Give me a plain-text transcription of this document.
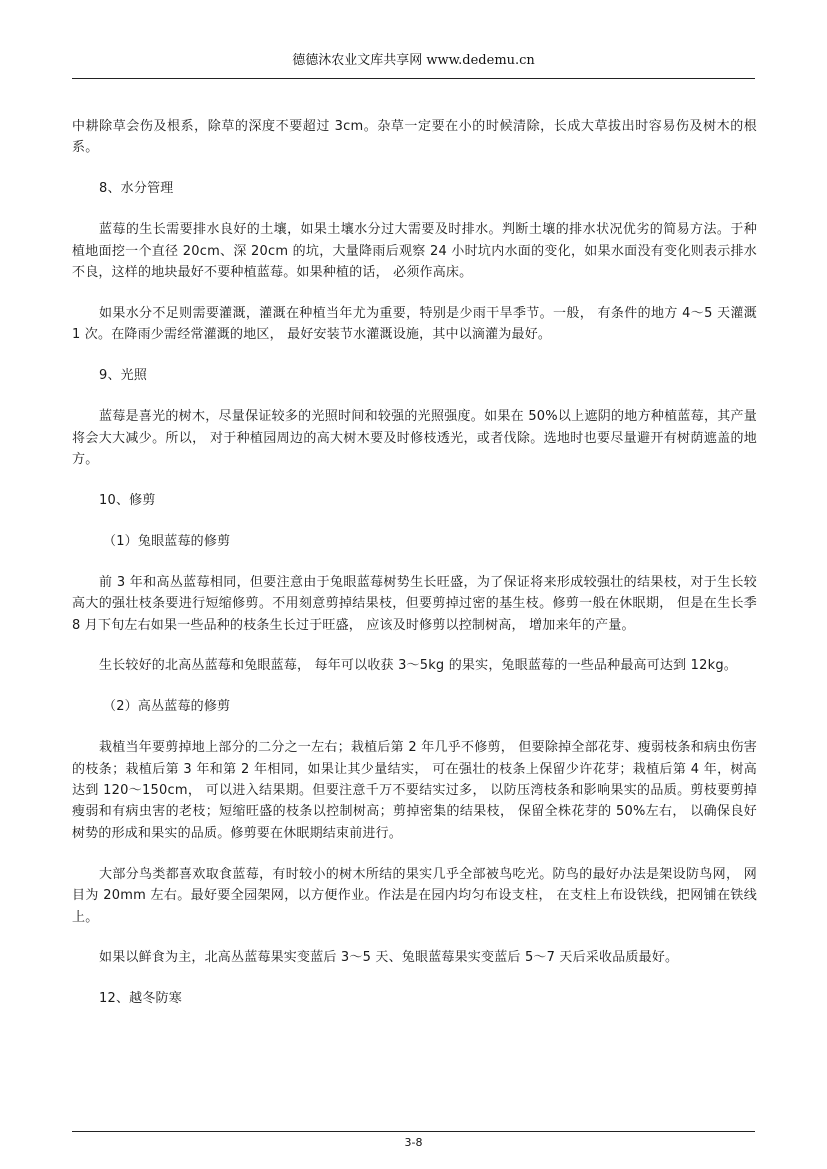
德德沐农业文库共享网 www.dedemu.cn

中耕除草会伤及根系，除草的深度不要超过 3cm。杂草一定要在小的时候清除，长成大草拔出时容易伤及树木的根系。

8、水分管理

蓝莓的生长需要排水良好的土壤，如果土壤水分过大需要及时排水。判断土壤的排水状况优劣的简易方法。于种植地面挖一个直径 20cm、深 20cm 的坑，大量降雨后观察 24 小时坑内水面的变化，如果水面没有变化则表示排水不良，这样的地块最好不要种植蓝莓。如果种植的话， 必须作高床。

如果水分不足则需要灌溉，灌溉在种植当年尤为重要，特别是少雨干旱季节。一般， 有条件的地方 4～5 天灌溉 1 次。在降雨少需经常灌溉的地区， 最好安装节水灌溉设施，其中以滴灌为最好。

9、光照

蓝莓是喜光的树木，尽量保证较多的光照时间和较强的光照强度。如果在 50%以上遮阴的地方种植蓝莓，其产量将会大大减少。所以， 对于种植园周边的高大树木要及时修枝透光，或者伐除。选地时也要尽量避开有树荫遮盖的地方。

10、修剪

（1）兔眼蓝莓的修剪

前 3 年和高丛蓝莓相同，但要注意由于兔眼蓝莓树势生长旺盛，为了保证将来形成较强壮的结果枝，对于生长较高大的强壮枝条要进行短缩修剪。不用刻意剪掉结果枝，但要剪掉过密的基生枝。修剪一般在休眠期， 但是在生长季 8 月下旬左右如果一些品种的枝条生长过于旺盛， 应该及时修剪以控制树高， 增加来年的产量。

生长较好的北高丛蓝莓和兔眼蓝莓， 每年可以收获 3～5kg 的果实，兔眼蓝莓的一些品种最高可达到 12kg。

（2）高丛蓝莓的修剪

栽植当年要剪掉地上部分的二分之一左右；栽植后第 2 年几乎不修剪， 但要除掉全部花芽、瘦弱枝条和病虫伤害的枝条；栽植后第 3 年和第 2 年相同，如果让其少量结实， 可在强壮的枝条上保留少许花芽；栽植后第 4 年，树高达到 120～150cm， 可以进入结果期。但要注意千万不要结实过多， 以防压湾枝条和影响果实的品质。剪枝要剪掉瘦弱和有病虫害的老枝；短缩旺盛的枝条以控制树高；剪掉密集的结果枝， 保留全株花芽的 50%左右， 以确保良好树势的形成和果实的品质。修剪要在休眠期结束前进行。

大部分鸟类都喜欢取食蓝莓，有时较小的树木所结的果实几乎全部被鸟吃光。防鸟的最好办法是架设防鸟网， 网目为 20mm 左右。最好要全园架网，以方便作业。作法是在园内均匀布设支柱， 在支柱上布设铁线，把网铺在铁线上。

如果以鲜食为主，北高丛蓝莓果实变蓝后 3～5 天、兔眼蓝莓果实变蓝后 5～7 天后采收品质最好。

12、越冬防寒

3-8
